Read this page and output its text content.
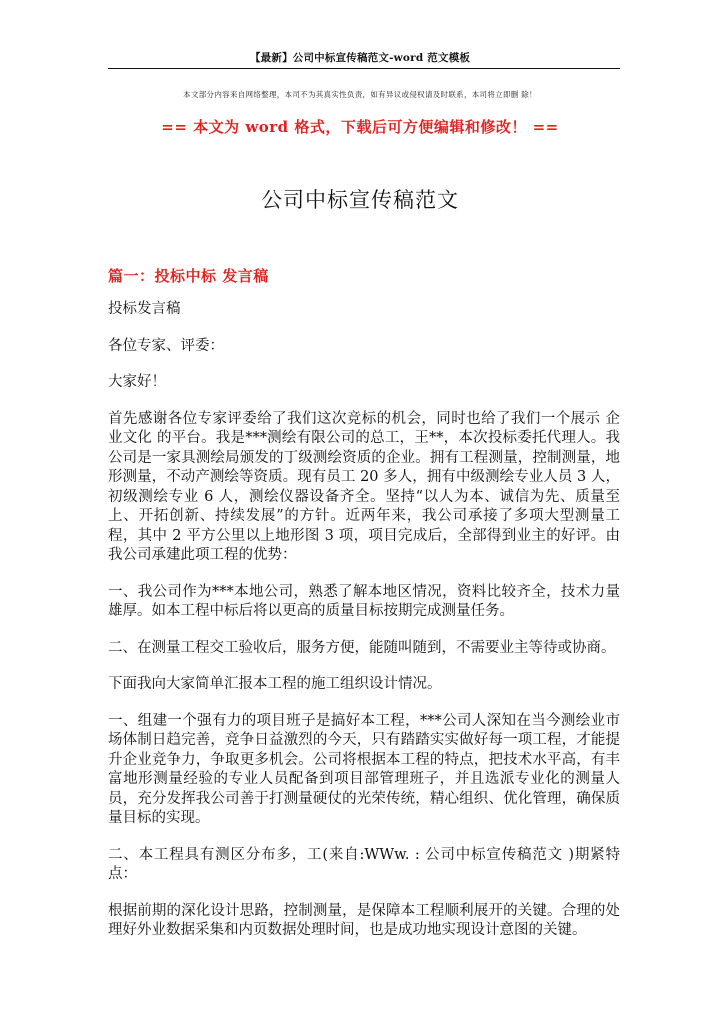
【最新】公司中标宣传稿范文-word 范文模板
本文部分内容来自网络整理，本司不为其真实性负责，如有异议或侵权请及时联系，本司将立即删 除！
== 本文为 word 格式，下载后可方便编辑和修改！ ==
公司中标宣传稿范文
篇一：投标中标 发言稿

投标发言稿

各位专家、评委：

大家好！

首先感谢各位专家评委给了我们这次竞标的机会，同时也给了我们一个展示 企业文化 的平台。我是***测绘有限公司的总工，王**，本次投标委托代理人。我公司是一家具测绘局颁发的丁级测绘资质的企业。拥有工程测量，控制测量，地形测量，不动产测绘等资质。现有员工 20 多人，拥有中级测绘专业人员 3 人，初级测绘专业 6 人，测绘仪器设备齐全。坚持“以人为本、诚信为先、质量至上、开拓创新、持续发展”的方针。近两年来，我公司承接了多项大型测量工程，其中 2 平方公里以上地形图 3 项，项目完成后，全部得到业主的好评。由我公司承建此项工程的优势：

一、我公司作为***本地公司，熟悉了解本地区情况，资料比较齐全，技术力量雄厚。如本工程中标后将以更高的质量目标按期完成测量任务。

二、在测量工程交工验收后，服务方便，能随叫随到，不需要业主等待或协商。

下面我向大家简单汇报本工程的施工组织设计情况。

一、组建一个强有力的项目班子是搞好本工程，***公司人深知在当今测绘业市场体制日趋完善，竞争日益激烈的今天，只有踏踏实实做好每一项工程，才能提升企业竞争力，争取更多机会。公司将根据本工程的特点，把技术水平高，有丰富地形测量经验的专业人员配备到项目部管理班子，并且选派专业化的测量人员，充分发挥我公司善于打测量硬仗的光荣传统，精心组织、优化管理，确保质量目标的实现。

二、本工程具有测区分布多，工(来自:WWw. : 公司中标宣传稿范文 )期紧特点：

根据前期的深化设计思路，控制测量，是保障本工程顺利展开的关键。合理的处理好外业数据采集和内页数据处理时间，也是成功地实现设计意图的关键。
